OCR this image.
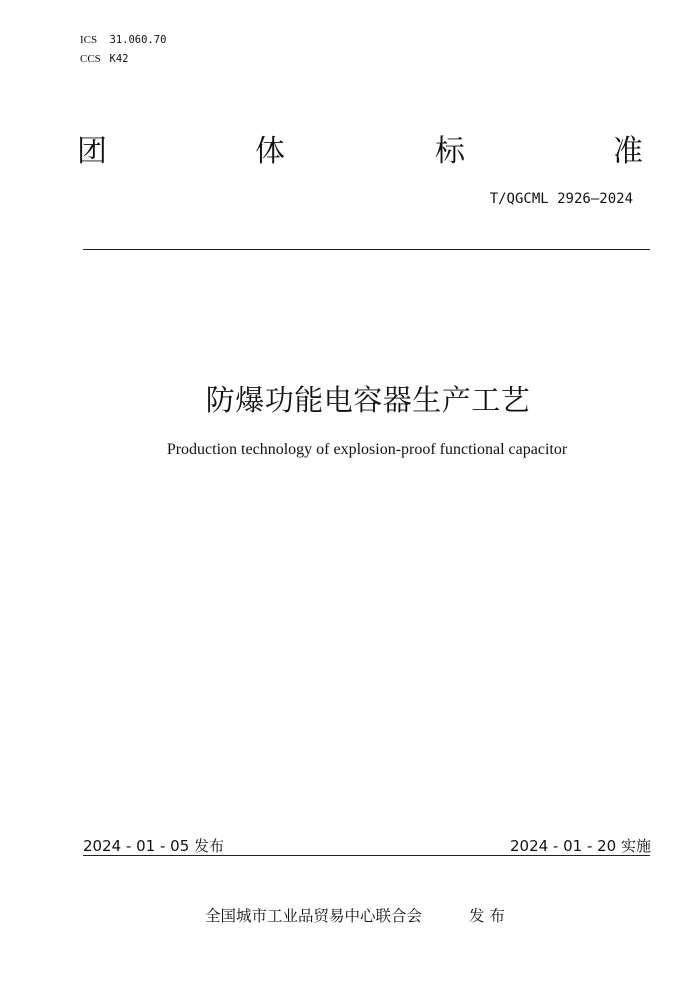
ICS 31.060.70
CCS K42
团	体	标	准
T/QGCML 2926—2024
防爆功能电容器生产工艺
Production technology of explosion-proof functional capacitor
2024 - 01 - 05 发布	2024 - 01 - 20 实施
全国城市工业品贸易中心联合会	发 布
